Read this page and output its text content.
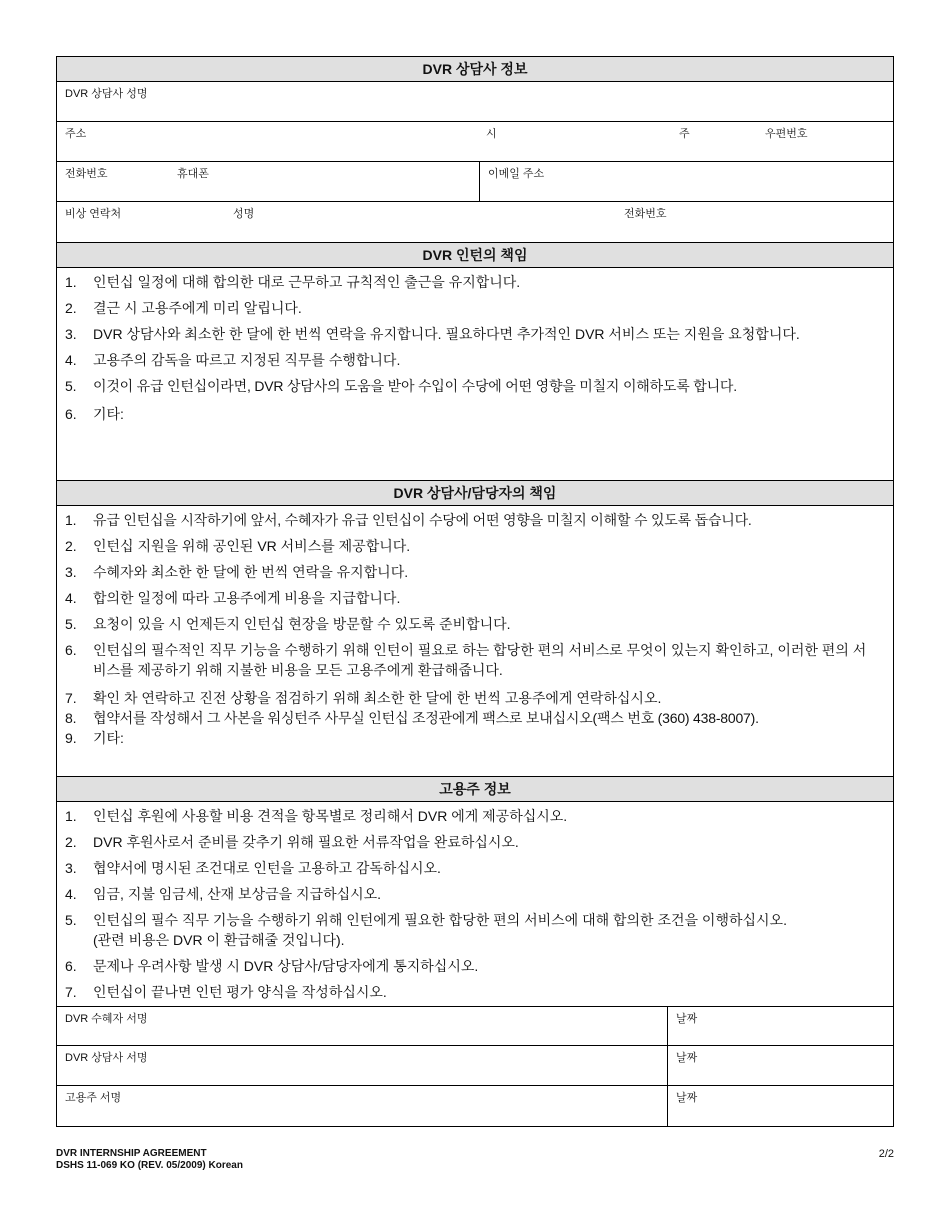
DVR 상담사 정보
DVR 상담사 성명
주소	시	주	우편번호
전화번호	휴대폰	이메일 주소
비상 연락처	성명	전화번호
DVR 인턴의 책임
1.	인턴십 일정에 대해 합의한 대로 근무하고 규칙적인 출근을 유지합니다.
2.	결근 시 고용주에게 미리 알립니다.
3.	DVR 상담사와 최소한 한 달에 한 번씩 연락을 유지합니다. 필요하다면 추가적인 DVR 서비스 또는 지원을 요청합니다.
4.	고용주의 감독을 따르고 지정된 직무를 수행합니다.
5.	이것이 유급 인턴십이라면, DVR 상담사의 도움을 받아 수입이 수당에 어떤 영향을 미칠지 이해하도록 합니다.
6.	기타:
DVR 상담사/담당자의 책임
1.	유급 인턴십을 시작하기에 앞서, 수혜자가 유급 인턴십이 수당에 어떤 영향을 미칠지 이해할 수 있도록 돕습니다.
2.	인턴십 지원을 위해 공인된 VR 서비스를 제공합니다.
3.	수혜자와 최소한 한 달에 한 번씩 연락을 유지합니다.
4.	합의한 일정에 따라 고용주에게 비용을 지급합니다.
5.	요청이 있을 시 언제든지 인턴십 현장을 방문할 수 있도록 준비합니다.
6.	인턴십의 필수적인 직무 기능을 수행하기 위해 인턴이 필요로 하는 합당한 편의 서비스로 무엇이 있는지 확인하고, 이러한 편의 서비스를 제공하기 위해 지불한 비용을 모든 고용주에게 환급해줍니다.
7.	확인 차 연락하고 진전 상황을 점검하기 위해 최소한 한 달에 한 번씩 고용주에게 연락하십시오.
8.	협약서를 작성해서 그 사본을 워싱턴주 사무실 인턴십 조정관에게 팩스로 보내십시오(팩스 번호 (360) 438-8007).
9.	기타:
고용주 정보
1.	인턴십 후원에 사용할 비용 견적을 항목별로 정리해서 DVR 에게 제공하십시오.
2.	DVR 후원사로서 준비를 갖추기 위해 필요한 서류작업을 완료하십시오.
3.	협약서에 명시된 조건대로 인턴을 고용하고 감독하십시오.
4.	임금, 지불 임금세, 산재 보상금을 지급하십시오.
5.	인턴십의 필수 직무 기능을 수행하기 위해 인턴에게 필요한 합당한 편의 서비스에 대해 합의한 조건을 이행하십시오.(관련 비용은 DVR 이 환급해줄 것입니다).
6.	문제나 우려사항 발생 시 DVR 상담사/담당자에게 통지하십시오.
7.	인턴십이 끝나면 인턴 평가 양식을 작성하십시오.
DVR 수혜자 서명	날짜
DVR 상담사 서명	날짜
고용주 서명	날짜
DVR INTERNSHIP AGREEMENT
DSHS 11-069 KO (REV. 05/2009) Korean
2/2
